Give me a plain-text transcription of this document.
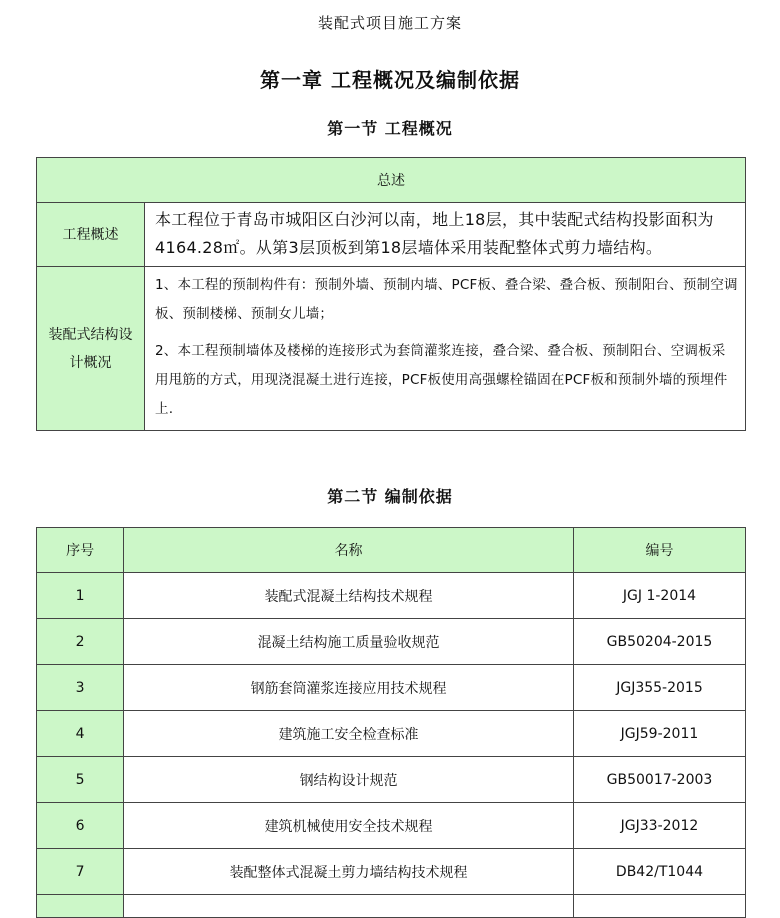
装配式项目施工方案
第一章 工程概况及编制依据
第一节 工程概况
总述	
工程概述	本工程位于青岛市城阳区白沙河以南，地上18层，其中装配式结构投影面积为4164.28㎡。从第3层顶板到第18层墙体采用装配整体式剪力墙结构。
装配式结构设计概况	1、本工程的预制构件有：预制外墙、预制内墙、PCF板、叠合梁、叠合板、预制阳台、预制空调板、预制楼梯、预制女儿墙；

2、本工程预制墙体及楼梯的连接形式为套筒灌浆连接，叠合梁、叠合板、预制阳台、空调板采用甩筋的方式，用现浇混凝土进行连接，PCF板使用高强螺栓锚固在PCF板和预制外墙的预埋件上.

第二节 编制依据
序号	名称	编号
1	装配式混凝土结构技术规程	JGJ 1-2014
2	混凝土结构施工质量验收规范	GB50204-2015
3	钢筋套筒灌浆连接应用技术规程	JGJ355-2015
4	建筑施工安全检查标准	JGJ59-2011
5	钢结构设计规范	GB50017-2003
6	建筑机械使用安全技术规程	JGJ33-2012
7	装配整体式混凝土剪力墙结构技术规程	DB42/T1044
